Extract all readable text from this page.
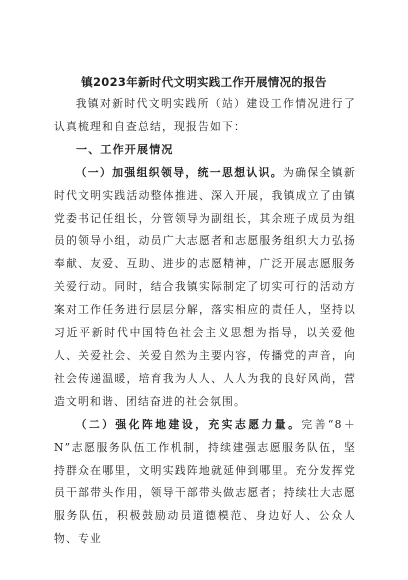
镇2023年新时代文明实践工作开展情况的报告

我镇对新时代文明实践所（站）建设工作情况进行了认真梳理和自查总结，现报告如下：

一、工作开展情况

（一）加强组织领导，统一思想认识。为确保全镇新时代文明实践活动整体推进、深入开展，我镇成立了由镇党委书记任组长，分管领导为副组长，其余班子成员为组员的领导小组，动员广大志愿者和志愿服务组织大力弘扬奉献、友爱、互助、进步的志愿精神，广泛开展志愿服务关爱行动。同时，结合我镇实际制定了切实可行的活动方案对工作任务进行层层分解，落实相应的责任人，坚持以习近平新时代中国特色社会主义思想为指导，以关爱他人、关爱社会、关爱自然为主要内容，传播党的声音，向社会传递温暖，培育我为人人、人人为我的良好风尚，营造文明和谐、团结奋进的社会氛围。

（二）强化阵地建设，充实志愿力量。完善“8＋N”志愿服务队伍工作机制，持续建强志愿服务队伍，坚持群众在哪里，文明实践阵地就延伸到哪里。充分发挥党员干部带头作用，领导干部带头做志愿者；持续壮大志愿服务队伍，积极鼓励动员道德模范、身边好人、公众人物、专业
